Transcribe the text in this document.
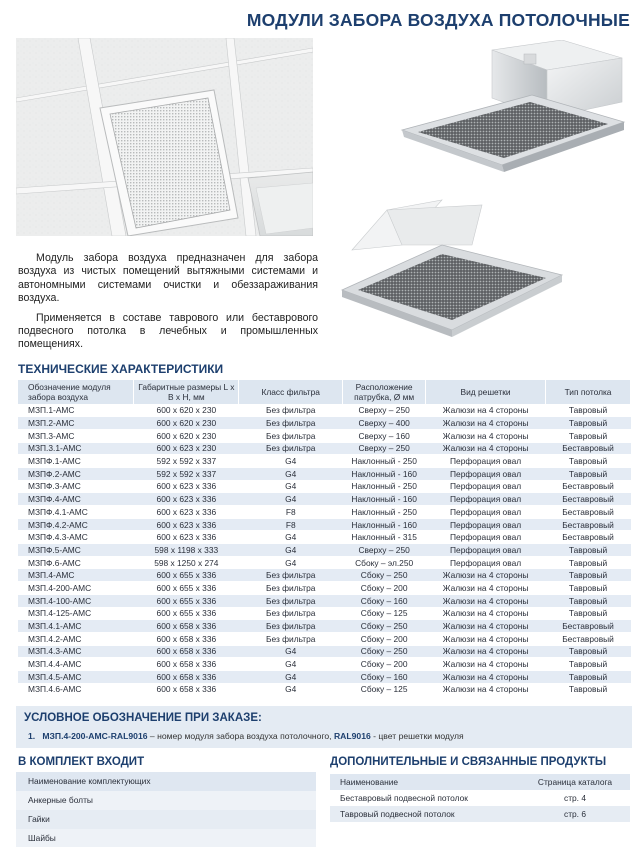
МОДУЛИ ЗАБОРА ВОЗДУХА ПОТОЛОЧНЫЕ

Модуль забора воздуха предназначен для забора воздуха из чистых помещений вытяжными системами и автономными системами очистки и обеззараживания воздуха.

Применяется в составе таврового или беставрового подвесного потолка в лечебных и промышленных помещениях.

ТЕХНИЧЕСКИЕ ХАРАКТЕРИСТИКИ
Обозначение модуля забора воздуха	Габаритные размеры L x B x H, мм	Класс фильтра	Расположение патрубка, Ø мм	Вид решетки	Тип потолка
МЗП.1-АМС	600 x 620 x 230	Без фильтра	Сверху – 250	Жалюзи на 4 стороны	Тавровый
МЗП.2-АМС	600 x 620 x 230	Без фильтра	Сверху – 400	Жалюзи на 4 стороны	Тавровый
МЗП.3-АМС	600 x 620 x 230	Без фильтра	Сверху – 160	Жалюзи на 4 стороны	Тавровый
МЗП.3.1-АМС	600 x 623 x 230	Без фильтра	Сверху – 250	Жалюзи на 4 стороны	Беставровый
МЗПФ.1-АМС	592 x 592 x 337	G4	Наклонный - 250	Перфорация овал	Тавровый
МЗПФ.2-АМС	592 x 592 x 337	G4	Наклонный - 160	Перфорация овал	Тавровый
МЗПФ.3-АМС	600 x 623 x 336	G4	Наклонный - 250	Перфорация овал	Беставровый
МЗПФ.4-АМС	600 x 623 x 336	G4	Наклонный - 160	Перфорация овал	Беставровый
МЗПФ.4.1-АМС	600 x 623 x 336	F8	Наклонный - 250	Перфорация овал	Беставровый
МЗПФ.4.2-АМС	600 x 623 x 336	F8	Наклонный - 160	Перфорация овал	Беставровый
МЗПФ.4.3-АМС	600 x 623 x 336	G4	Наклонный - 315	Перфорация овал	Беставровый
МЗПФ.5-АМС	598 x 1198 x 333	G4	Сверху – 250	Перфорация овал	Тавровый
МЗПФ.6-АМС	598 x 1250 x 274	G4	Сбоку – эл.250	Перфорация овал	Тавровый
МЗП.4-АМС	600 x 655 x 336	Без фильтра	Сбоку – 250	Жалюзи на 4 стороны	Тавровый
МЗП.4-200-АМС	600 x 655 x 336	Без фильтра	Сбоку – 200	Жалюзи на 4 стороны	Тавровый
МЗП.4-100-АМС	600 x 655 x 336	Без фильтра	Сбоку – 160	Жалюзи на 4 стороны	Тавровый
МЗП.4-125-АМС	600 x 655 x 336	Без фильтра	Сбоку – 125	Жалюзи на 4 стороны	Тавровый
МЗП.4.1-АМС	600 x 658 x 336	Без фильтра	Сбоку – 250	Жалюзи на 4 стороны	Беставровый
МЗП.4.2-АМС	600 x 658 x 336	Без фильтра	Сбоку – 200	Жалюзи на 4 стороны	Беставровый
МЗП.4.3-АМС	600 x 658 x 336	G4	Сбоку – 250	Жалюзи на 4 стороны	Тавровый
МЗП.4.4-АМС	600 x 658 x 336	G4	Сбоку – 200	Жалюзи на 4 стороны	Тавровый
МЗП.4.5-АМС	600 x 658 x 336	G4	Сбоку – 160	Жалюзи на 4 стороны	Тавровый
МЗП.4.6-АМС	600 x 658 x 336	G4	Сбоку – 125	Жалюзи на 4 стороны	Тавровый
УСЛОВНОЕ ОБОЗНАЧЕНИЕ ПРИ ЗАКАЗЕ:
1. МЗП.4-200-АМС-RAL9016 – номер модуля забора воздуха потолочного, RAL9016 - цвет решетки модуля
В КОМПЛЕКТ ВХОДИТ
Наименование комплектующих
Анкерные болты
Гайки
Шайбы
ДОПОЛНИТЕЛЬНЫЕ И СВЯЗАННЫЕ ПРОДУКТЫ
Наименование	Страница каталога
Беставровый подвесной потолок	стр. 4
Тавровый подвесной потолок	стр. 6
